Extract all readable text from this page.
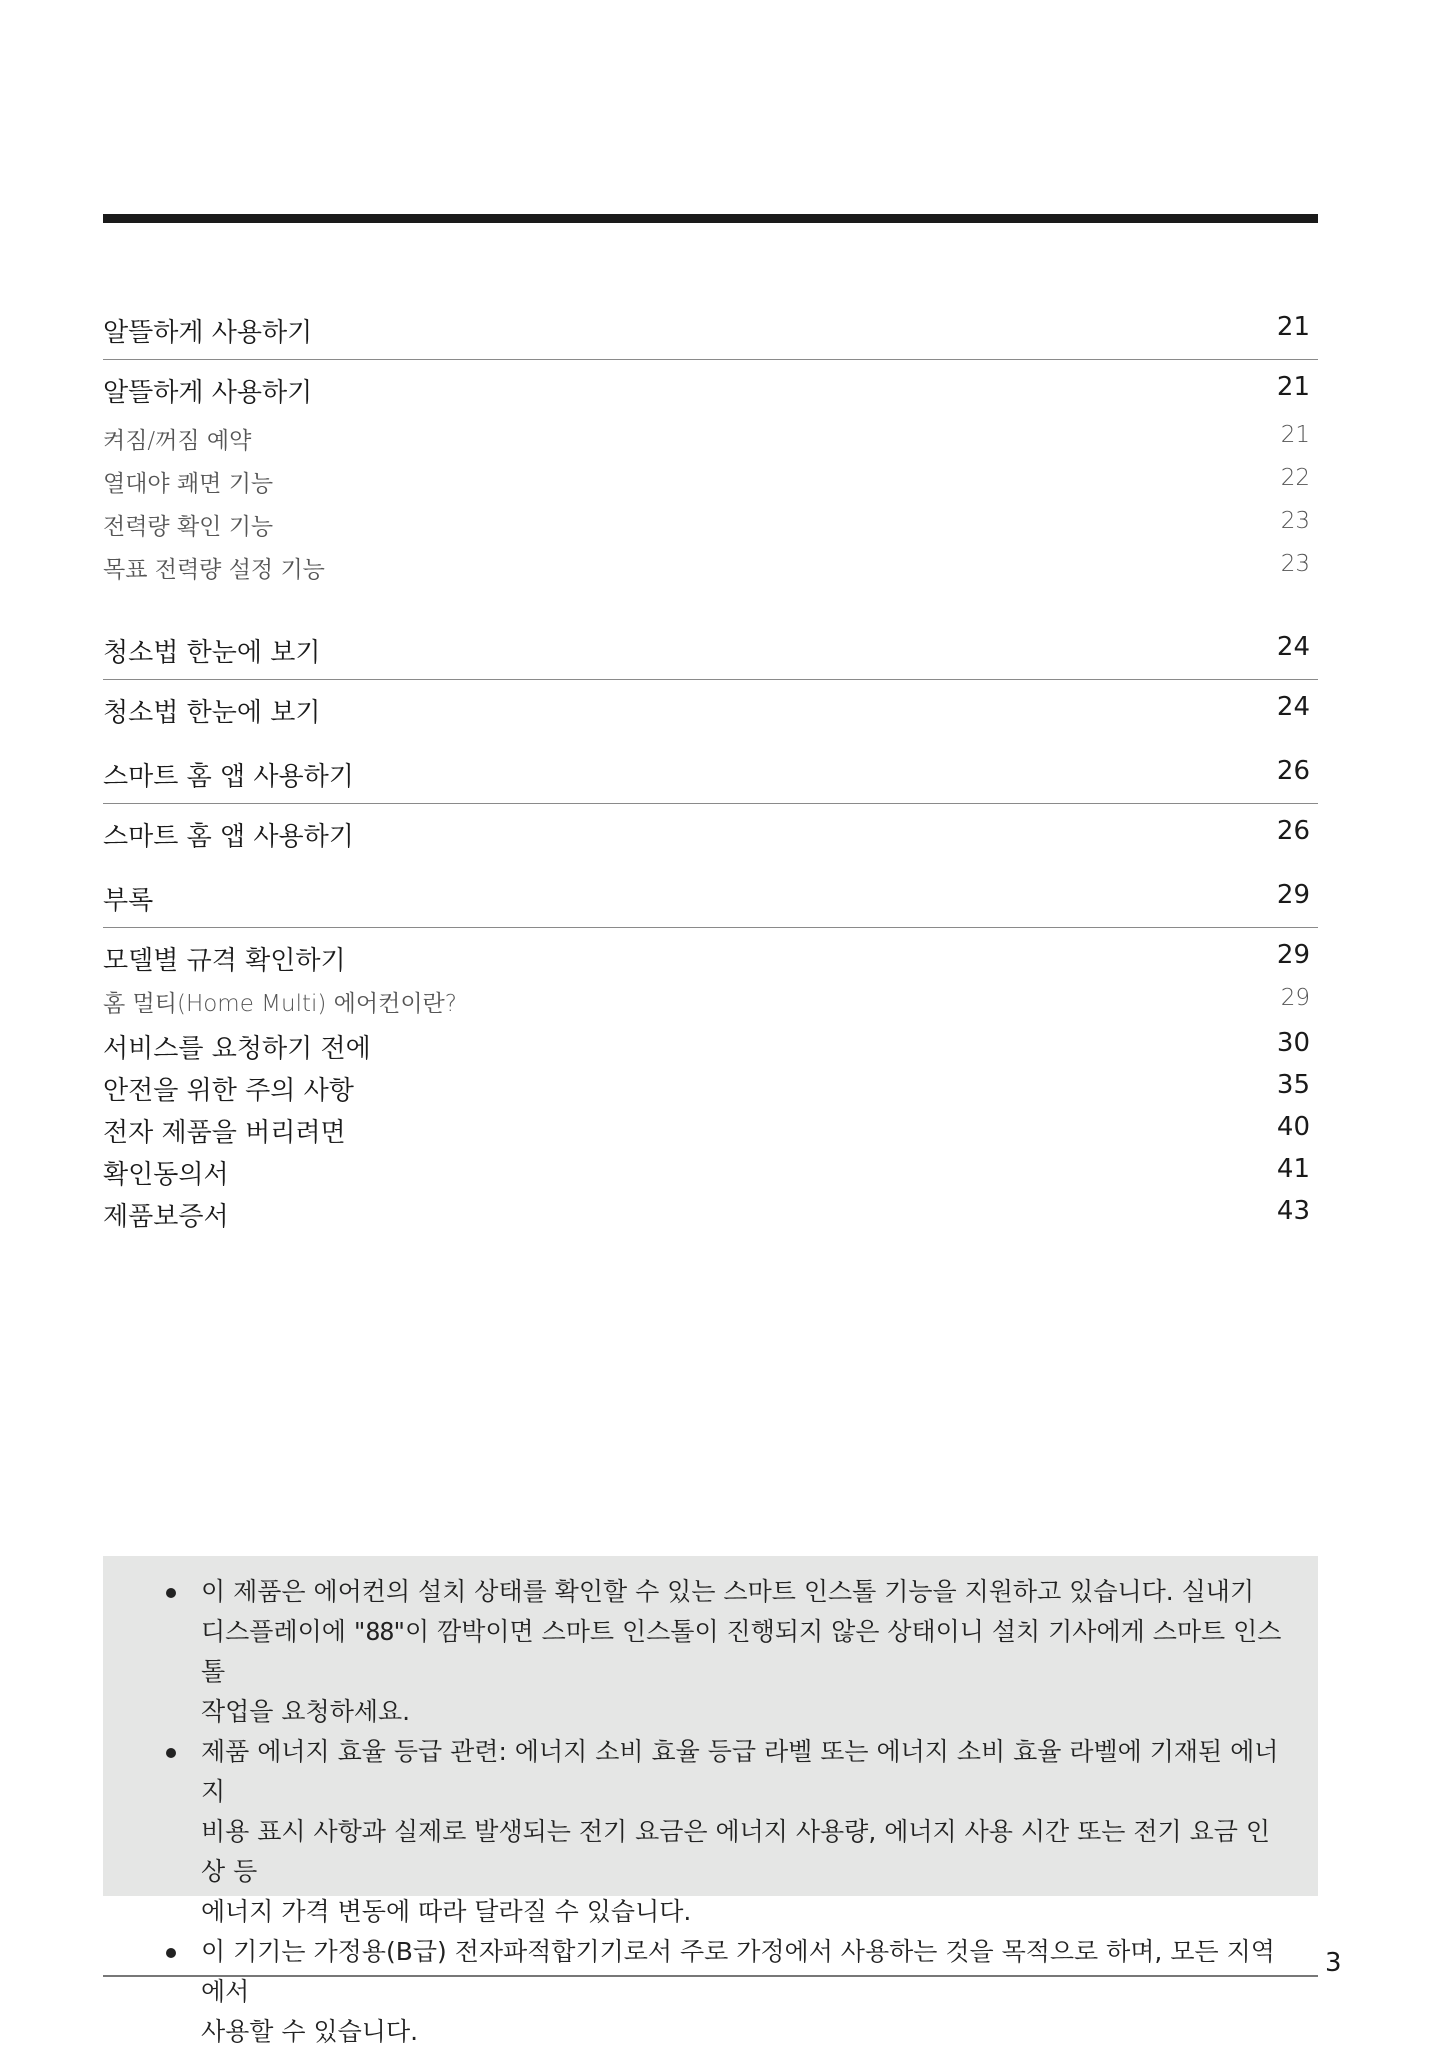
알뜰하게 사용하기	21
알뜰하게 사용하기	21
켜짐/꺼짐 예약	21
열대야 쾌면 기능	22
전력량 확인 기능	23
목표 전력량 설정 기능	23
청소법 한눈에 보기	24
청소법 한눈에 보기	24
스마트 홈 앱 사용하기	26
스마트 홈 앱 사용하기	26
부록	29
모델별 규격 확인하기	29
홈 멀티(Home Multi) 에어컨이란?	29
서비스를 요청하기 전에	30
안전을 위한 주의 사항	35
전자 제품을 버리려면	40
확인동의서	41
제품보증서	43
이 제품은 에어컨의 설치 상태를 확인할 수 있는 스마트 인스톨 기능을 지원하고 있습니다. 실내기
디스플레이에 "88"이 깜박이면 스마트 인스톨이 진행되지 않은 상태이니 설치 기사에게 스마트 인스톨
작업을 요청하세요.
제품 에너지 효율 등급 관련: 에너지 소비 효율 등급 라벨 또는 에너지 소비 효율 라벨에 기재된 에너지
비용 표시 사항과 실제로 발생되는 전기 요금은 에너지 사용량, 에너지 사용 시간 또는 전기 요금 인상 등
에너지 가격 변동에 따라 달라질 수 있습니다.
이 기기는 가정용(B급) 전자파적합기기로서 주로 가정에서 사용하는 것을 목적으로 하며, 모든 지역에서
사용할 수 있습니다.
3
